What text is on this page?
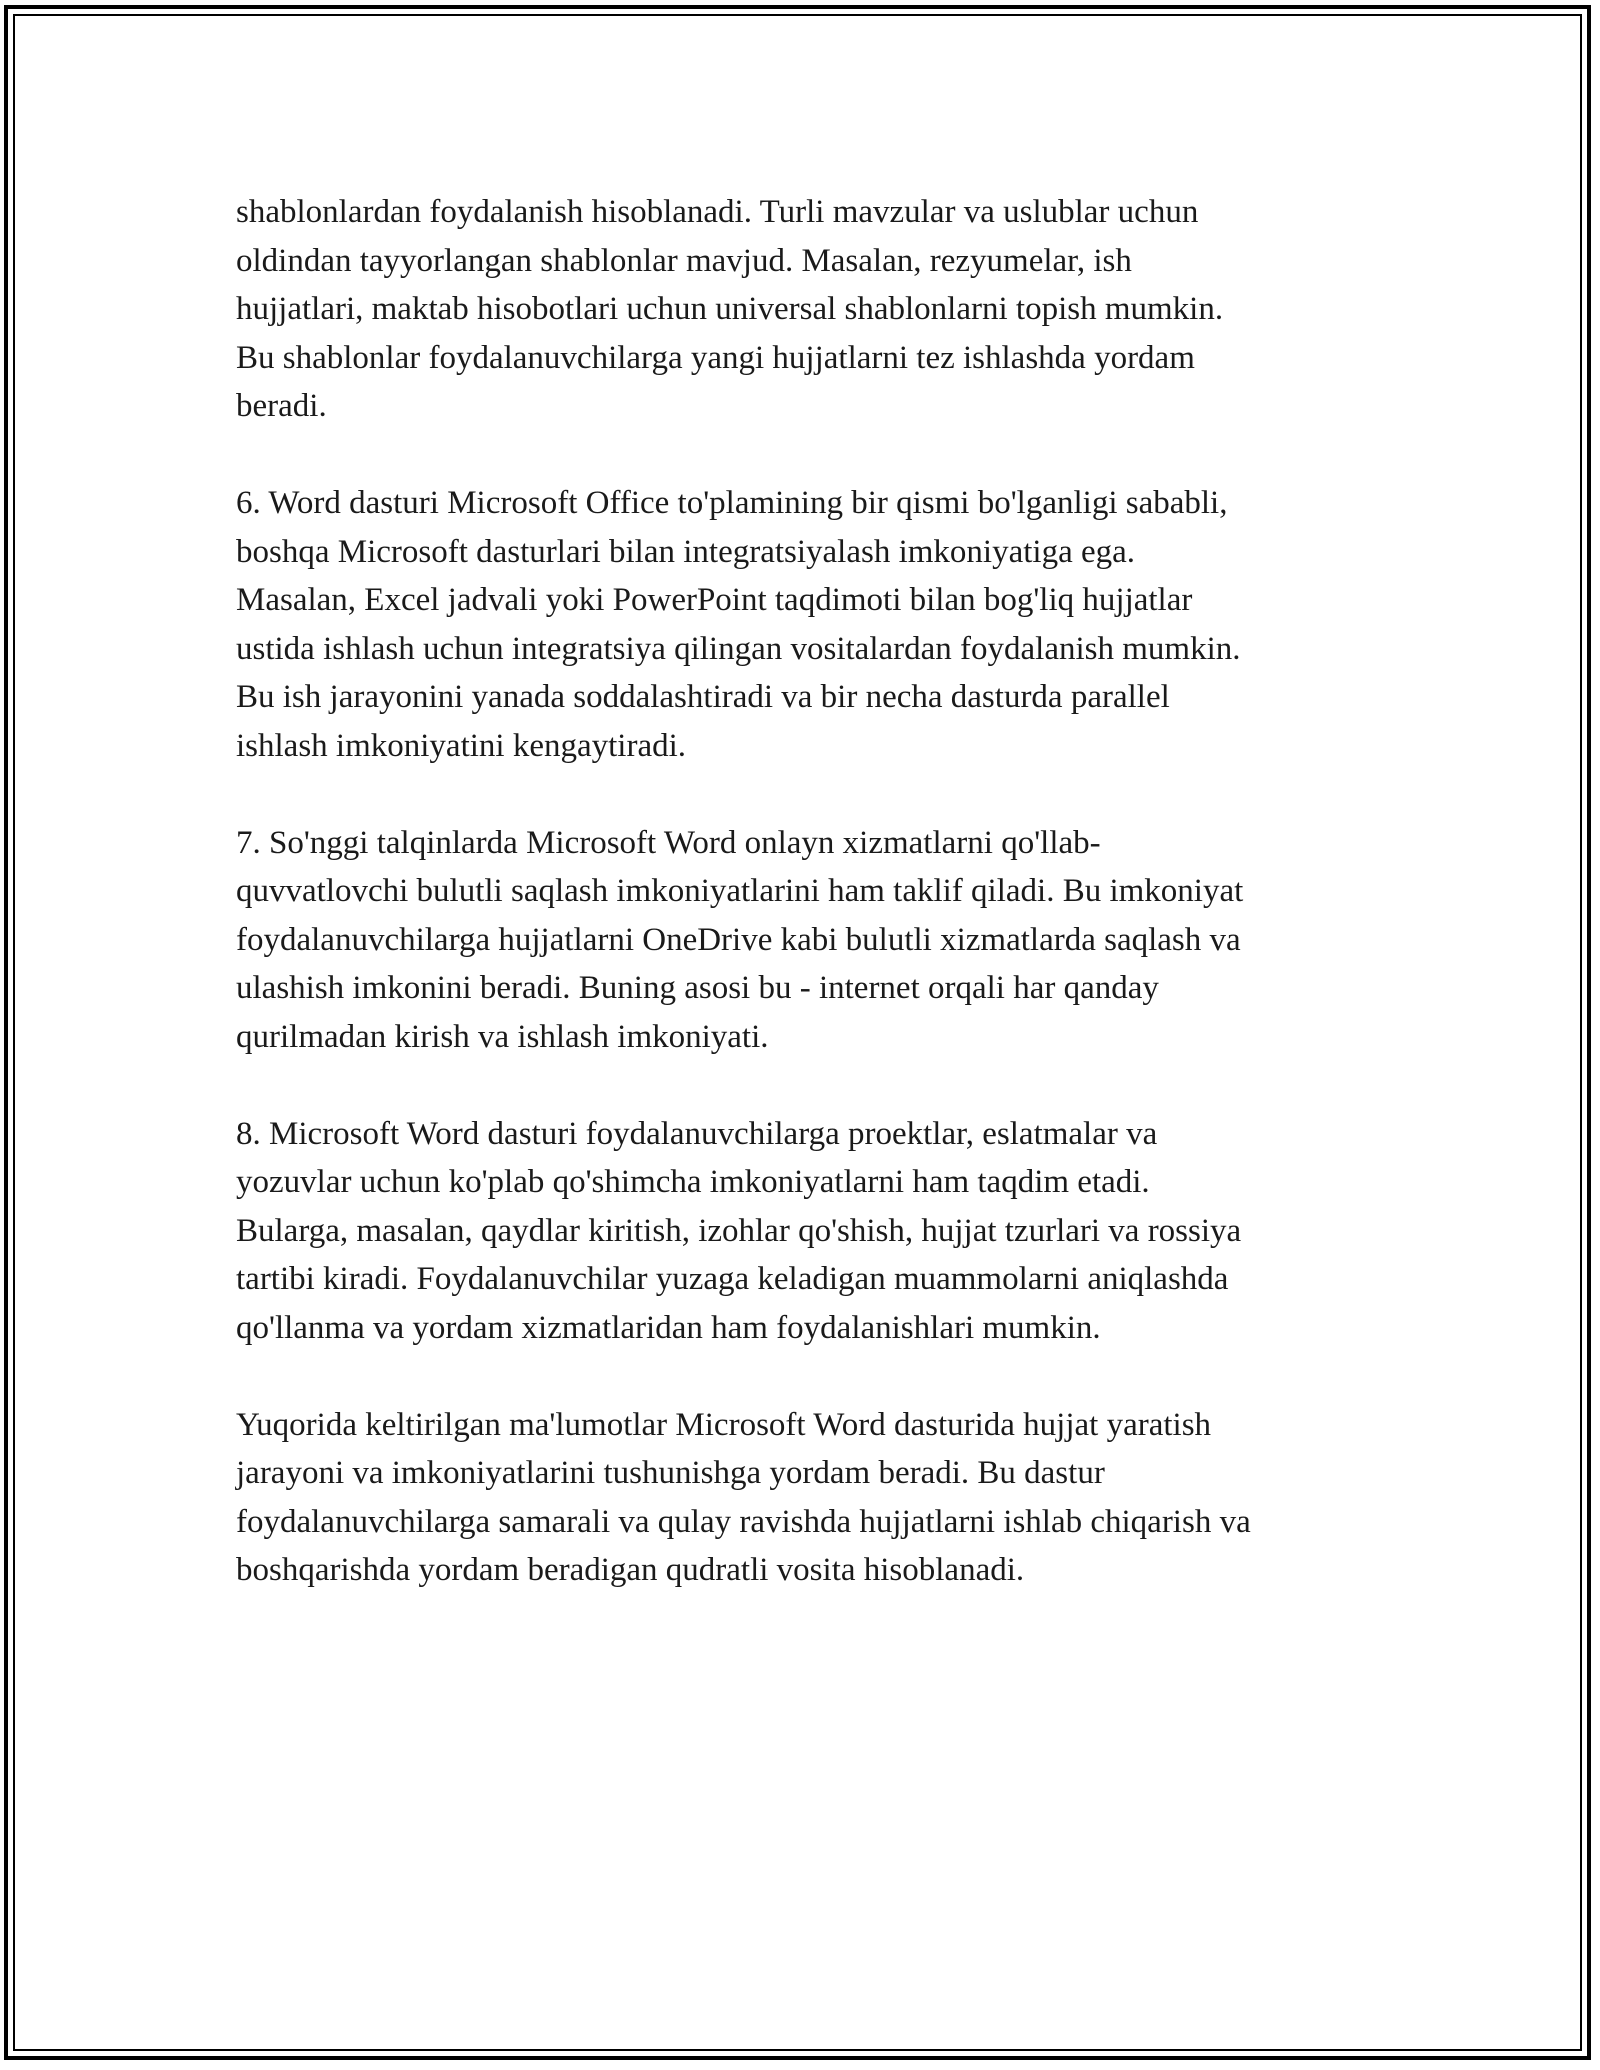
shablonlardan foydalanish hisoblanadi. Turli mavzular va uslublar uchun
oldindan tayyorlangan shablonlar mavjud. Masalan, rezyumelar, ish
hujjatlari, maktab hisobotlari uchun universal shablonlarni topish mumkin.
Bu shablonlar foydalanuvchilarga yangi hujjatlarni tez ishlashda yordam
beradi.
6. Word dasturi Microsoft Office to'plamining bir qismi bo'lganligi sababli,
boshqa Microsoft dasturlari bilan integratsiyalash imkoniyatiga ega.
Masalan, Excel jadvali yoki PowerPoint taqdimoti bilan bog'liq hujjatlar
ustida ishlash uchun integratsiya qilingan vositalardan foydalanish mumkin.
Bu ish jarayonini yanada soddalashtiradi va bir necha dasturda parallel
ishlash imkoniyatini kengaytiradi.
7. So'nggi talqinlarda Microsoft Word onlayn xizmatlarni qo'llab-
quvvatlovchi bulutli saqlash imkoniyatlarini ham taklif qiladi. Bu imkoniyat
foydalanuvchilarga hujjatlarni OneDrive kabi bulutli xizmatlarda saqlash va
ulashish imkonini beradi. Buning asosi bu - internet orqali har qanday
qurilmadan kirish va ishlash imkoniyati.
8. Microsoft Word dasturi foydalanuvchilarga proektlar, eslatmalar va
yozuvlar uchun ko'plab qo'shimcha imkoniyatlarni ham taqdim etadi.
Bularga, masalan, qaydlar kiritish, izohlar qo'shish, hujjat tzurlari va rossiya
tartibi kiradi. Foydalanuvchilar yuzaga keladigan muammolarni aniqlashda
qo'llanma va yordam xizmatlaridan ham foydalanishlari mumkin.
Yuqorida keltirilgan ma'lumotlar Microsoft Word dasturida hujjat yaratish
jarayoni va imkoniyatlarini tushunishga yordam beradi. Bu dastur
foydalanuvchilarga samarali va qulay ravishda hujjatlarni ishlab chiqarish va
boshqarishda yordam beradigan qudratli vosita hisoblanadi.
